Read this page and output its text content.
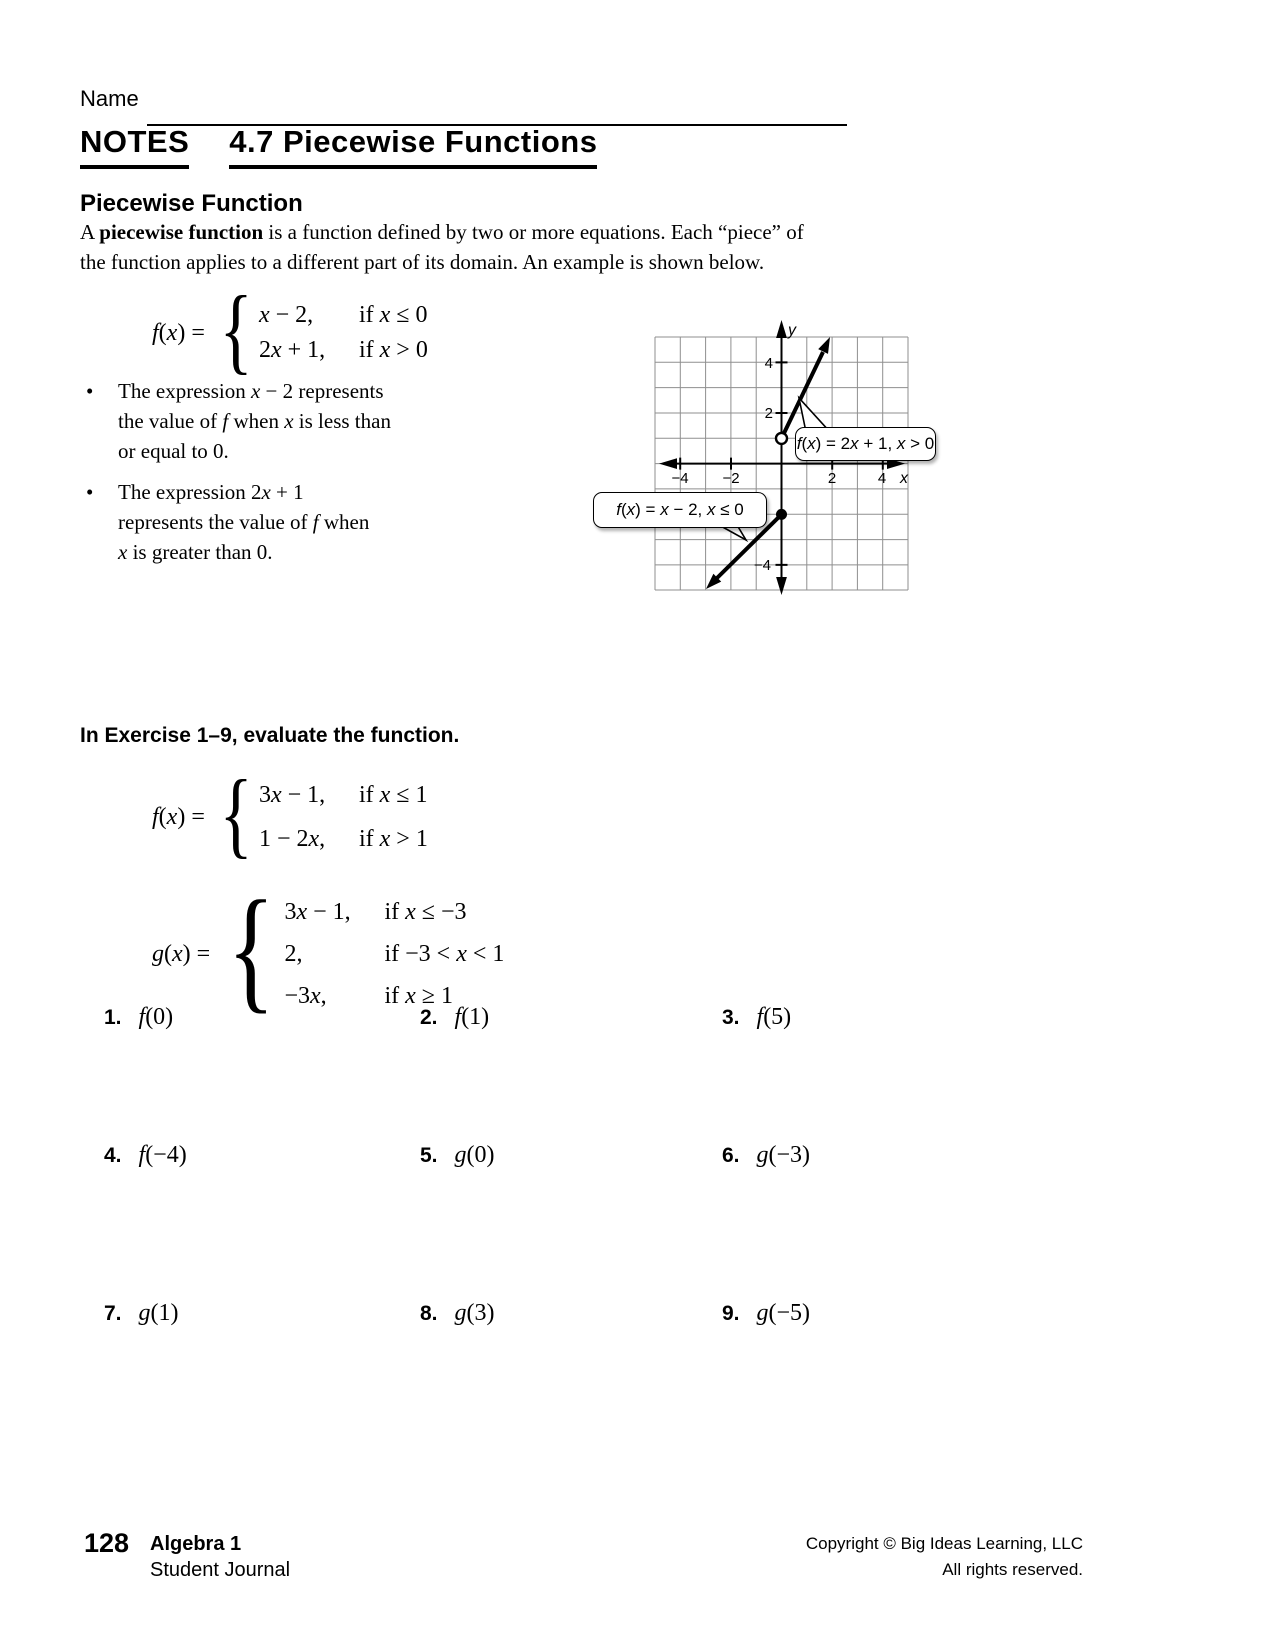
Name
NOTES 4.7 Piecewise Functions
Piecewise Function
A piecewise function is a function defined by two or more equations. Each “piece” of
the function applies to a different part of its domain. An example is shown below.
f(x) = { x − 2,	if x ≤ 0
2x + 1,	if x > 0
•	The expression x − 2 represents
the value of f when x is less than
or equal to 0.
•	The expression 2x + 1
represents the value of f when
x is greater than 0.
−4 −2	2	4 x
4
2
−4
y
f ( x ) = 2 x + 1, x > 0
f ( x ) = x − 2, x ≤ 0
In Exercise 1–9, evaluate the function.
f(x) = { 3x − 1,	if x ≤ 1
1 − 2x,	if x > 1
g(x) = { 3x − 1,	if x ≤ −3
2,	if −3 < x < 1
−3x,	if x ≥ 1
1. f(0)	2. f(1)	3. f(5)
4. f(−4)	5. g(0)	6. g(−3)
7. g(1)	8. g(3)	9. g(−5)
128 Algebra 1
Student Journal
Copyright © Big Ideas Learning, LLC
All rights reserved.
